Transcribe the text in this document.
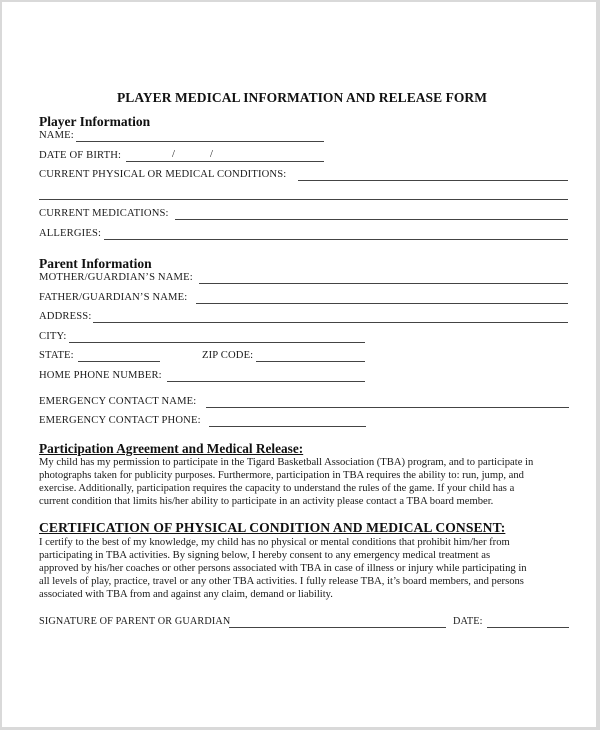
PLAYER MEDICAL INFORMATION AND RELEASE FORM
Player Information
NAME:
DATE OF BIRTH:	/	/
CURRENT PHYSICAL OR MEDICAL CONDITIONS:
CURRENT MEDICATIONS:
ALLERGIES:
Parent Information
MOTHER/GUARDIAN’S NAME:
FATHER/GUARDIAN’S NAME:
ADDRESS:
CITY:
STATE:	ZIP CODE:
HOME PHONE NUMBER:
EMERGENCY CONTACT NAME:
EMERGENCY CONTACT PHONE:
Participation Agreement and Medical Release:
My child has my permission to participate in the Tigard Basketball Association (TBA) program, and to participate in
photographs taken for publicity purposes. Furthermore, participation in TBA requires the ability to: run, jump, and
exercise. Additionally, participation requires the capacity to understand the rules of the game. If your child has a
current condition that limits his/her ability to participate in an activity please contact a TBA board member.
CERTIFICATION OF PHYSICAL CONDITION AND MEDICAL CONSENT:
I certify to the best of my knowledge, my child has no physical or mental conditions that prohibit him/her from
participating in TBA activities. By signing below, I hereby consent to any emergency medical treatment as
approved by his/her coaches or other persons associated with TBA in case of illness or injury while participating in
all levels of play, practice, travel or any other TBA activities. I fully release TBA, it’s board members, and persons
associated with TBA from and against any claim, demand or liability.
SIGNATURE OF PARENT OR GUARDIAN	DATE:
